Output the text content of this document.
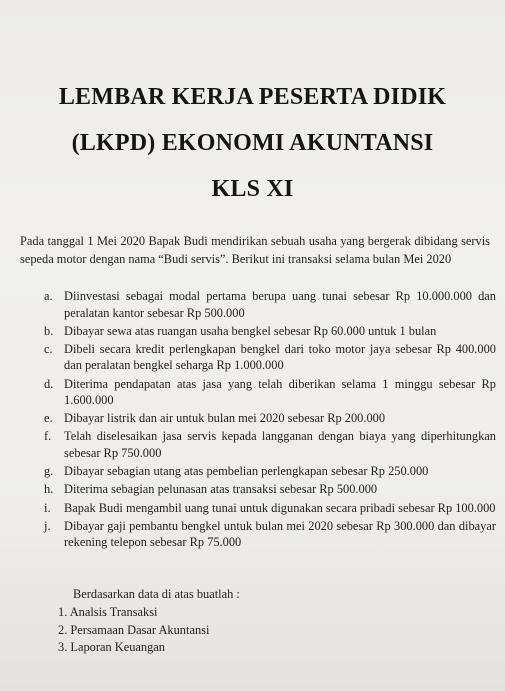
LEMBAR KERJA PESERTA DIDIK
(LKPD) EKONOMI AKUNTANSI
KLS XI
Pada tanggal 1 Mei 2020 Bapak Budi mendirikan sebuah usaha yang bergerak dibidang servis sepeda motor dengan nama “Budi servis”. Berikut ini transaksi selama bulan Mei 2020
a. Diinvestasi sebagai modal pertama berupa uang tunai sebesar Rp 10.000.000 dan peralatan kantor sebesar Rp 500.000
b. Dibayar sewa atas ruangan usaha bengkel sebesar Rp 60.000 untuk 1 bulan
c. Dibeli secara kredit perlengkapan bengkel dari toko motor jaya sebesar Rp 400.000 dan peralatan bengkel seharga Rp 1.000.000
d. Diterima pendapatan atas jasa yang telah diberikan selama 1 minggu sebesar Rp 1.600.000
e. Dibayar listrik dan air untuk bulan mei 2020 sebesar Rp 200.000
f. Telah diselesaikan jasa servis kepada langganan dengan biaya yang diperhitungkan sebesar Rp 750.000
g. Dibayar sebagian utang atas pembelian perlengkapan sebesar Rp 250.000
h. Diterima sebagian pelunasan atas transaksi sebesar Rp 500.000
i. Bapak Budi mengambil uang tunai untuk digunakan secara pribadi sebesar Rp 100.000
j. Dibayar gaji pembantu bengkel untuk bulan mei 2020 sebesar Rp 300.000 dan dibayar rekening telepon sebesar Rp 75.000
Berdasarkan data di atas buatlah :
1. Analsis Transaksi
2. Persamaan Dasar Akuntansi
3. Laporan Keuangan
